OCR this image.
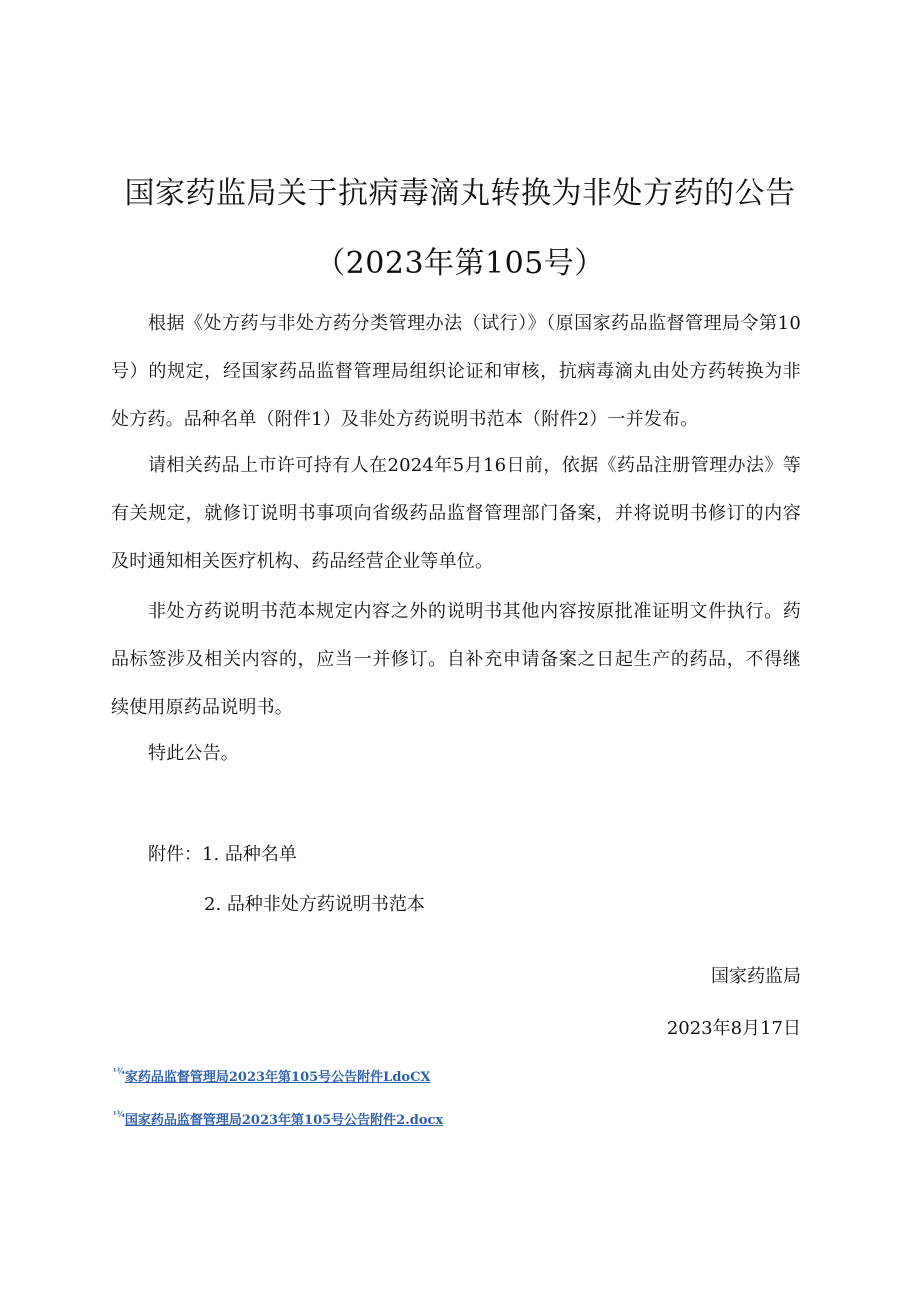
国家药监局关于抗病毒滴丸转换为非处方药的公告
（2023年第105号）

根据《处方药与非处方药分类管理办法（试行）》（原国家药品监督管理局令第10号）的规定，经国家药品监督管理局组织论证和审核，抗病毒滴丸由处方药转换为非处方药。品种名单（附件1）及非处方药说明书范本（附件2）一并发布。

请相关药品上市许可持有人在2024年5月16日前，依据《药品注册管理办法》等有关规定，就修订说明书事项向省级药品监督管理部门备案，并将说明书修订的内容及时通知相关医疗机构、药品经营企业等单位。

非处方药说明书范本规定内容之外的说明书其他内容按原批准证明文件执行。药品标签涉及相关内容的，应当一并修订。自补充申请备案之日起生产的药品，不得继续使用原药品说明书。

特此公告。

附件：1. 品种名单
2. 品种非处方药说明书范本
国家药监局
2023年8月17日
¹¾家药品监督管理局2023年第105号公告附件LdoCX
¹¾国家药品监督管理局2023年第105号公告附件2.docx
